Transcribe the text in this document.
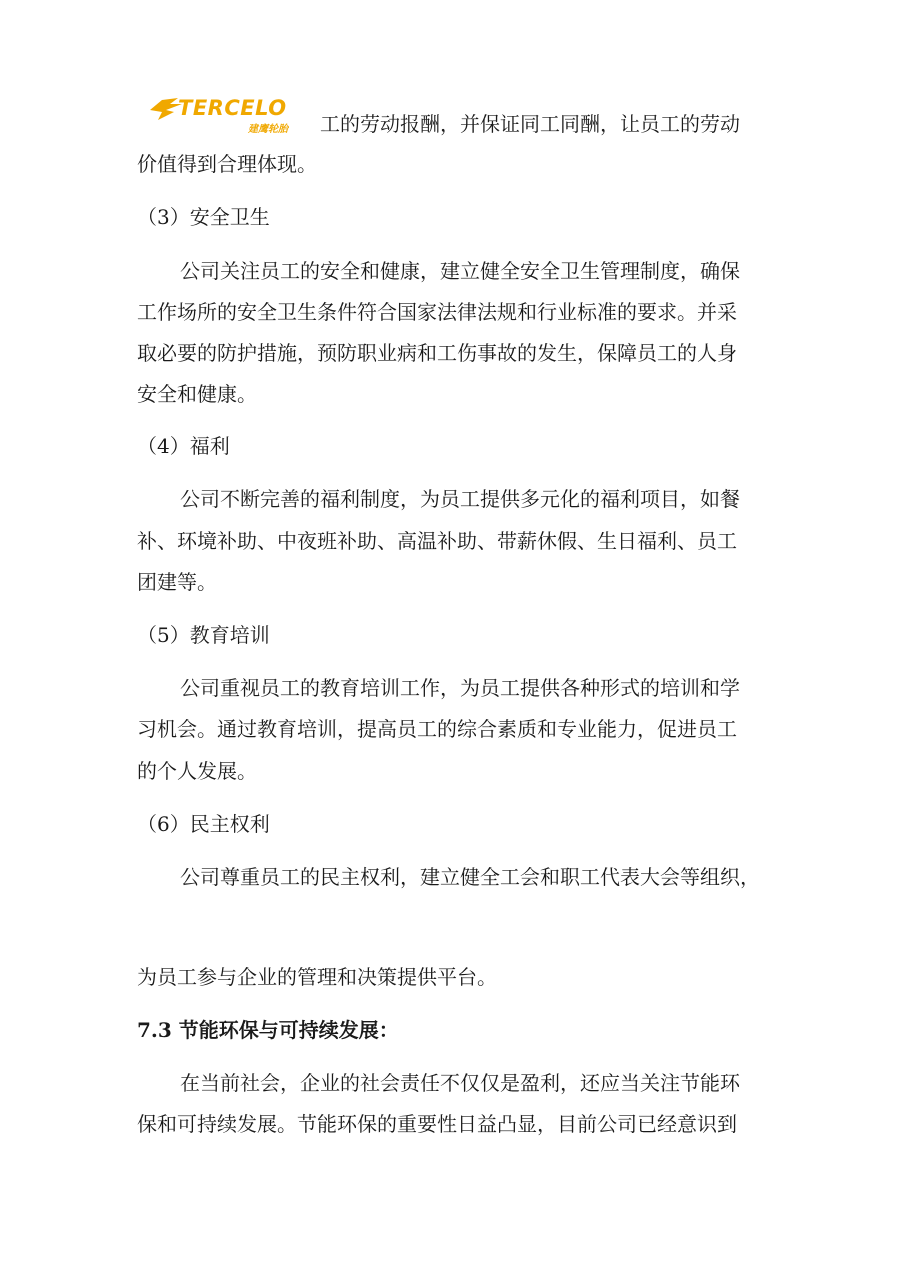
TERCELO
建鹰轮胎 工的劳动报酬，并保证同工同酬，让员工的劳动
价值得到合理体现。
（3）安全卫生
公司关注员工的安全和健康，建立健全安全卫生管理制度，确保
工作场所的安全卫生条件符合国家法律法规和行业标准的要求。并采
取必要的防护措施，预防职业病和工伤事故的发生，保障员工的人身
安全和健康。
（4）福利
公司不断完善的福利制度，为员工提供多元化的福利项目，如餐
补、环境补助、中夜班补助、高温补助、带薪休假、生日福利、员工
团建等。
（5）教育培训
公司重视员工的教育培训工作，为员工提供各种形式的培训和学
习机会。通过教育培训，提高员工的综合素质和专业能力，促进员工
的个人发展。
（6）民主权利
公司尊重员工的民主权利，建立健全工会和职工代表大会等组织，
为员工参与企业的管理和决策提供平台。
7.3 节能环保与可持续发展：
在当前社会，企业的社会责任不仅仅是盈利，还应当关注节能环
保和可持续发展。节能环保的重要性日益凸显，目前公司已经意识到
